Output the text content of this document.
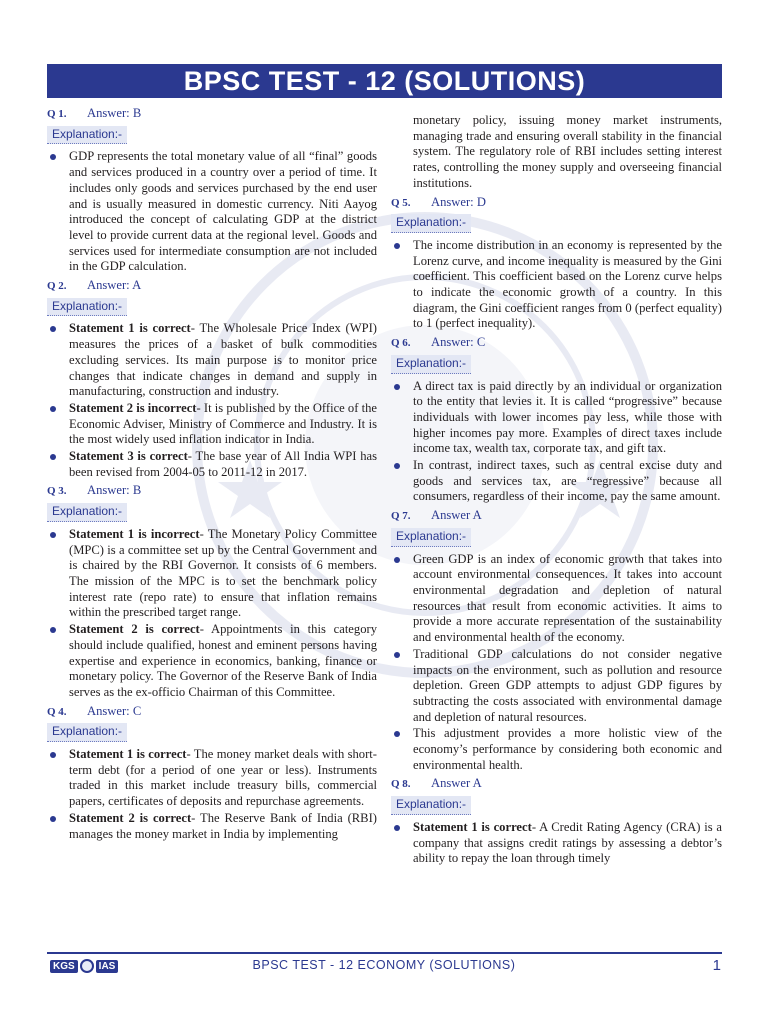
BPSC TEST - 12 (SOLUTIONS)
Q 1.	Answer: B
Explanation:-
GDP represents the total monetary value of all “final” goods and services produced in a country over a period of time. It includes only goods and services purchased by the end user and is usually measured in domestic currency. Niti Aayog introduced the concept of calculating GDP at the district level to provide current data at the regional level. Goods and services used for intermediate consumption are not included in the GDP calculation.
Q 2.	Answer: A
Explanation:-
Statement 1 is correct- The Wholesale Price Index (WPI) measures the prices of a basket of bulk commodities excluding services. Its main purpose is to monitor price changes that indicate changes in demand and supply in manufacturing, construction and industry.
Statement 2 is incorrect- It is published by the Office of the Economic Adviser, Ministry of Commerce and Industry. It is the most widely used inflation indicator in India.
Statement 3 is correct- The base year of All India WPI has been revised from 2004-05 to 2011-12 in 2017.
Q 3.	Answer: B
Explanation:-
Statement 1 is incorrect- The Monetary Policy Committee (MPC) is a committee set up by the Central Government and is chaired by the RBI Governor. It consists of 6 members. The mission of the MPC is to set the benchmark policy interest rate (repo rate) to ensure that inflation remains within the prescribed target range.
Statement 2 is correct- Appointments in this category should include qualified, honest and eminent persons having expertise and experience in economics, banking, finance or monetary policy. The Governor of the Reserve Bank of India serves as the ex-officio Chairman of this Committee.
Q 4.	Answer: C
Explanation:-
Statement 1 is correct- The money market deals with short-term debt (for a period of one year or less). Instruments traded in this market include treasury bills, commercial papers, certificates of deposits and repurchase agreements.
Statement 2 is correct- The Reserve Bank of India (RBI) manages the money market in India by implementing
monetary policy, issuing money market instruments, managing trade and ensuring overall stability in the financial system. The regulatory role of RBI includes setting interest rates, controlling the money supply and overseeing financial institutions.
Q 5.	Answer: D
Explanation:-
The income distribution in an economy is represented by the Lorenz curve, and income inequality is measured by the Gini coefficient. This coefficient based on the Lorenz curve helps to indicate the economic growth of a country. In this diagram, the Gini coefficient ranges from 0 (perfect equality) to 1 (perfect inequality).
Q 6.	Answer: C
Explanation:-
A direct tax is paid directly by an individual or organization to the entity that levies it. It is called “progressive” because individuals with lower incomes pay less, while those with higher incomes pay more. Examples of direct taxes include income tax, wealth tax, corporate tax, and gift tax.
In contrast, indirect taxes, such as central excise duty and goods and services tax, are “regressive” because all consumers, regardless of their income, pay the same amount.
Q 7.	Answer A
Explanation:-
Green GDP is an index of economic growth that takes into account environmental consequences. It takes into account environmental degradation and depletion of natural resources that result from economic activities. It aims to provide a more accurate representation of the sustainability and environmental health of the economy.
Traditional GDP calculations do not consider negative impacts on the environment, such as pollution and resource depletion. Green GDP attempts to adjust GDP figures by subtracting the costs associated with environmental damage and depletion of natural resources.
This adjustment provides a more holistic view of the economy’s performance by considering both economic and environmental health.
Q 8.	Answer A
Explanation:-
Statement 1 is correct- A Credit Rating Agency (CRA) is a company that assigns credit ratings by assessing a debtor’s ability to repay the loan through timely
KGS	IAS	BPSC TEST - 12 ECONOMY (SOLUTIONS)	1
